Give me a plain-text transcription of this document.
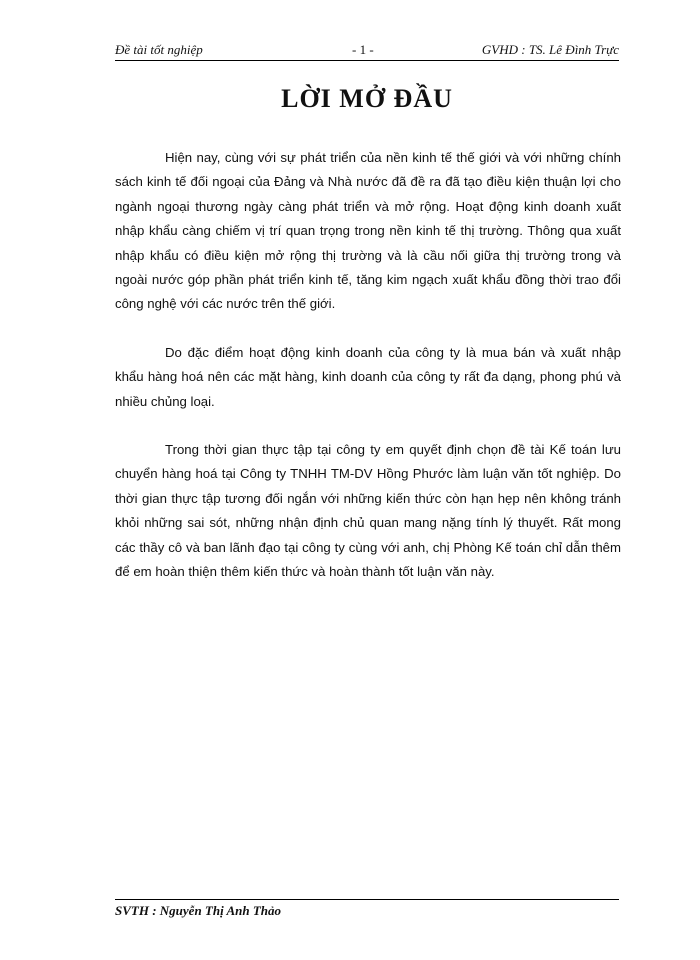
Đề tài tốt nghiệp	- 1 -	GVHD : TS. Lê Đình Trực
LỜI MỞ ĐẦU

Hiện nay, cùng với sự phát triển của nền kinh tế thế giới và với những chính sách kinh tế đối ngoại của Đảng và Nhà nước đã đề ra đã tạo điều kiện thuận lợi cho ngành ngoại thương ngày càng phát triển và mở rộng. Hoạt động kinh doanh xuất nhập khẩu càng chiếm vị trí quan trọng trong nền kinh tế thị trường. Thông qua xuất nhập khẩu có điều kiện mở rộng thị trường và là cầu nối giữa thị trường trong và ngoài nước góp phần phát triển kinh tế, tăng kim ngạch xuất khẩu đồng thời trao đổi công nghệ với các nước trên thế giới.

Do đặc điểm hoạt động kinh doanh của công ty là mua bán và xuất nhập khẩu hàng hoá nên các mặt hàng, kinh doanh của công ty rất đa dạng, phong phú và nhiều chủng loại.

Trong thời gian thực tập tại công ty em quyết định chọn đề tài Kế toán lưu chuyển hàng hoá tại Công ty TNHH TM-DV Hồng Phước làm luận văn tốt nghiệp. Do thời gian thực tập tương đối ngắn với những kiến thức còn hạn hẹp nên không tránh khỏi những sai sót, những nhận định chủ quan mang nặng tính lý thuyết. Rất mong các thầy cô và ban lãnh đạo tại công ty cùng với anh, chị Phòng Kế toán chỉ dẫn thêm để em hoàn thiện thêm kiến thức và hoàn thành tốt luận văn này.

SVTH : Nguyễn Thị Anh Thảo
